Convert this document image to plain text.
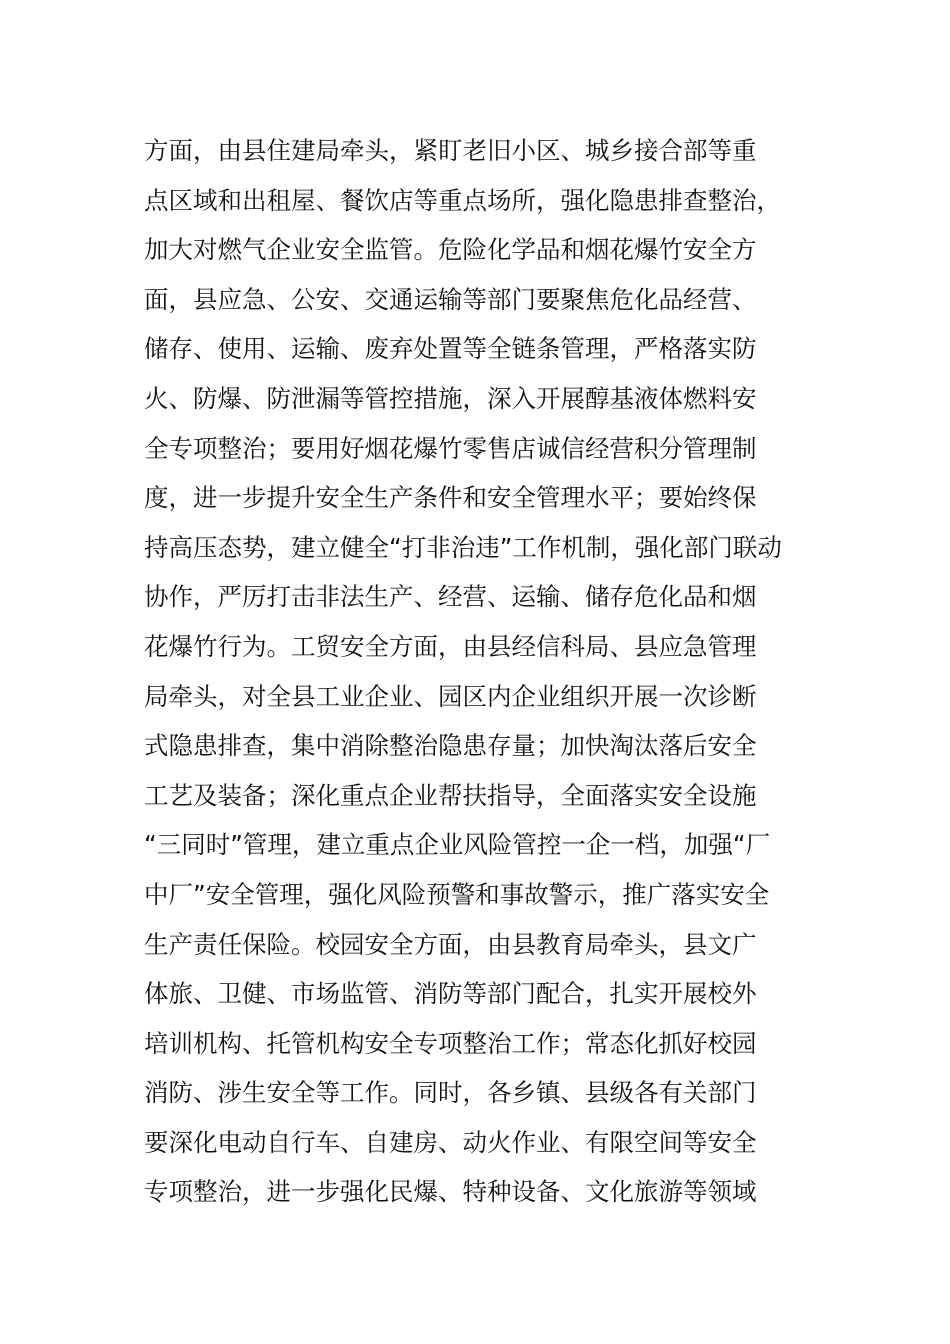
方面，由县住建局牵头，紧盯老旧小区、城乡接合部等重
点区域和出租屋、餐饮店等重点场所，强化隐患排查整治，
加大对燃气企业安全监管。危险化学品和烟花爆竹安全方
面，县应急、公安、交通运输等部门要聚焦危化品经营、
储存、使用、运输、废弃处置等全链条管理，严格落实防
火、防爆、防泄漏等管控措施，深入开展醇基液体燃料安
全专项整治；要用好烟花爆竹零售店诚信经营积分管理制
度，进一步提升安全生产条件和安全管理水平；要始终保
持高压态势，建立健全“打非治违”工作机制，强化部门联动
协作，严厉打击非法生产、经营、运输、储存危化品和烟
花爆竹行为。工贸安全方面，由县经信科局、县应急管理
局牵头，对全县工业企业、园区内企业组织开展一次诊断
式隐患排查，集中消除整治隐患存量；加快淘汰落后安全
工艺及装备；深化重点企业帮扶指导，全面落实安全设施
“三同时”管理，建立重点企业风险管控一企一档，加强“厂
中厂”安全管理，强化风险预警和事故警示，推广落实安全
生产责任保险。校园安全方面，由县教育局牵头，县文广
体旅、卫健、市场监管、消防等部门配合，扎实开展校外
培训机构、托管机构安全专项整治工作；常态化抓好校园
消防、涉生安全等工作。同时，各乡镇、县级各有关部门
要深化电动自行车、自建房、动火作业、有限空间等安全
专项整治，进一步强化民爆、特种设备、文化旅游等领域
